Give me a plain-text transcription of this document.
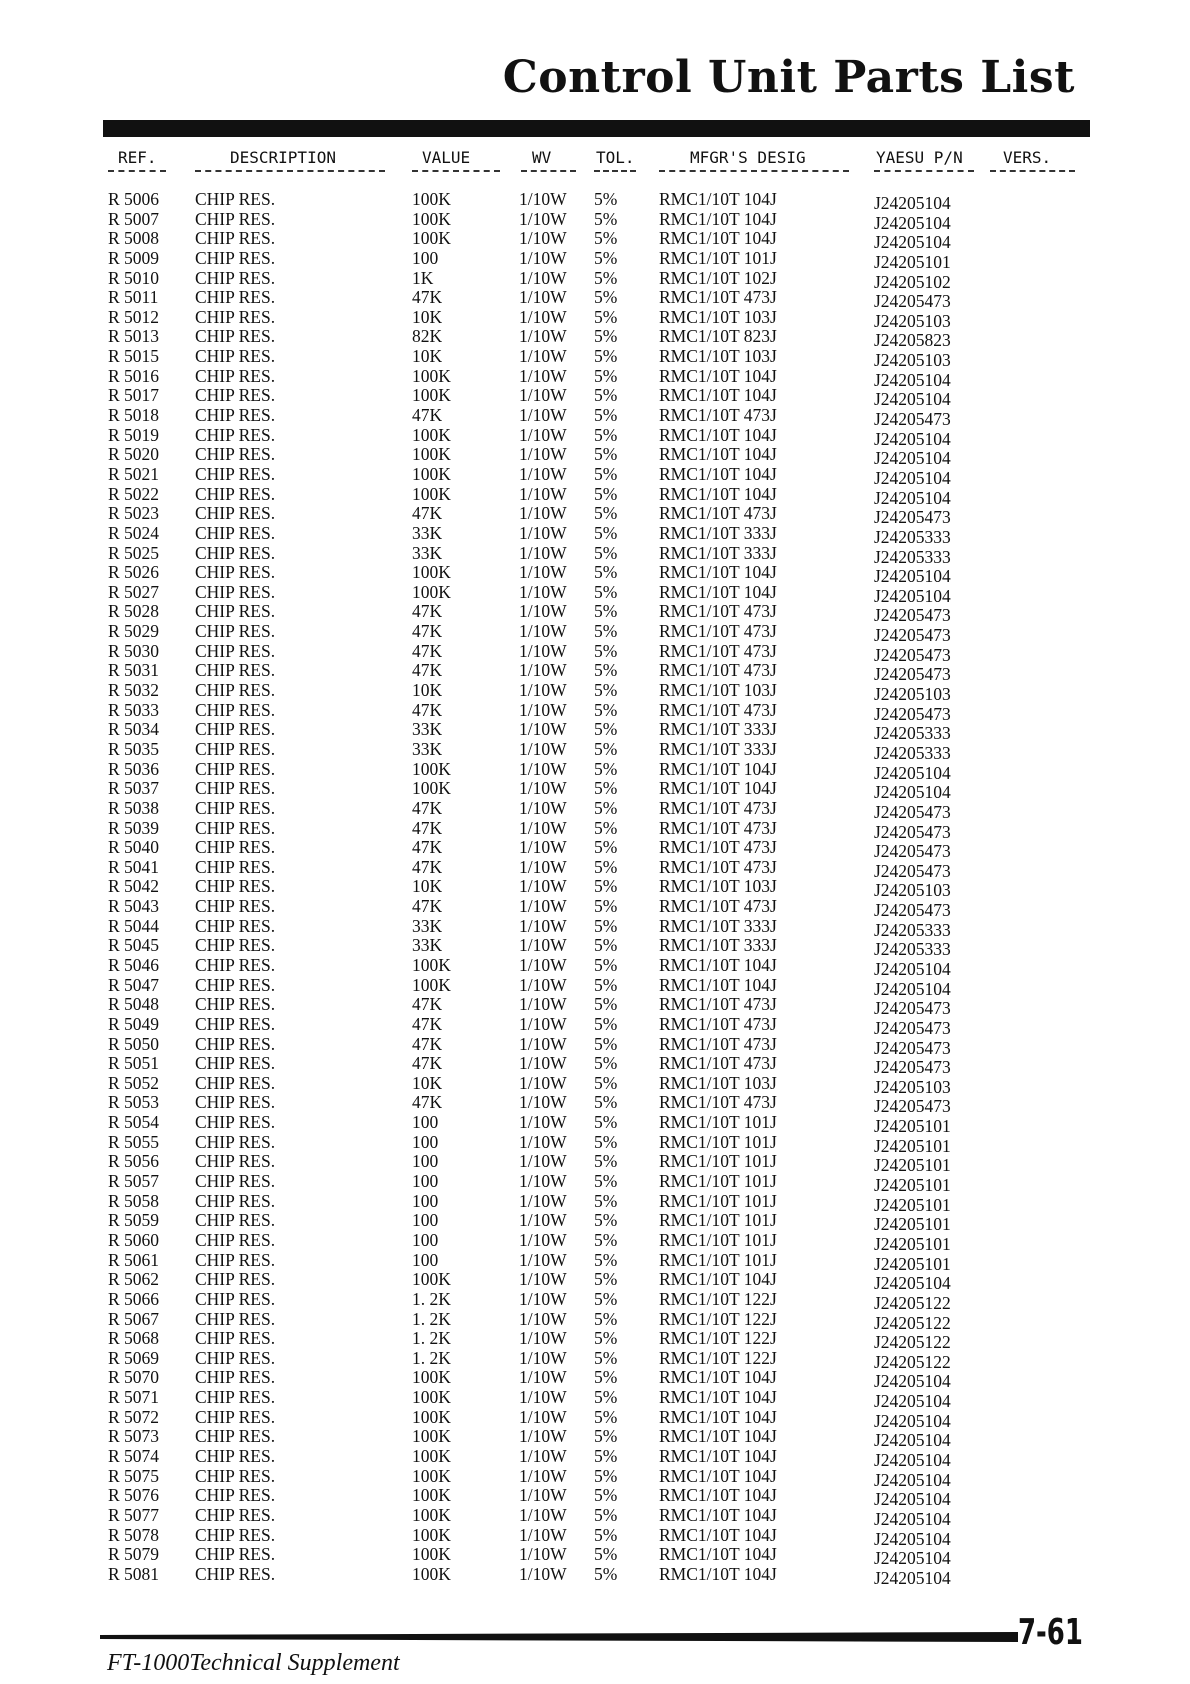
Control Unit Parts List
REF.	DESCRIPTION	VALUE	WV	TOL.	MFGR'S DESIG	YAESU P/N	VERS.
R 5006 CHIP RES.	100K	1/10W 5% RMC1/10T 104J	J24205104
R 5007 CHIP RES.	100K	1/10W 5% RMC1/10T 104J	J24205104
R 5008 CHIP RES.	100K	1/10W 5% RMC1/10T 104J	J24205104
R 5009 CHIP RES.	100	1/10W 5% RMC1/10T 101J	J24205101
R 5010 CHIP RES.	1K	1/10W 5% RMC1/10T 102J	J24205102
R 5011 CHIP RES.	47K	1/10W 5% RMC1/10T 473J	J24205473
R 5012 CHIP RES.	10K	1/10W 5% RMC1/10T 103J	J24205103
R 5013 CHIP RES.	82K	1/10W 5% RMC1/10T 823J	J24205823
R 5015 CHIP RES.	10K	1/10W 5% RMC1/10T 103J	J24205103
R 5016 CHIP RES.	100K	1/10W 5% RMC1/10T 104J	J24205104
R 5017 CHIP RES.	100K	1/10W 5% RMC1/10T 104J	J24205104
R 5018 CHIP RES.	47K	1/10W 5% RMC1/10T 473J	J24205473
R 5019 CHIP RES.	100K	1/10W 5% RMC1/10T 104J	J24205104
R 5020 CHIP RES.	100K	1/10W 5% RMC1/10T 104J	J24205104
R 5021 CHIP RES.	100K	1/10W 5% RMC1/10T 104J	J24205104
R 5022 CHIP RES.	100K	1/10W 5% RMC1/10T 104J	J24205104
R 5023 CHIP RES.	47K	1/10W 5% RMC1/10T 473J	J24205473
R 5024 CHIP RES.	33K	1/10W 5% RMC1/10T 333J	J24205333
R 5025 CHIP RES.	33K	1/10W 5% RMC1/10T 333J	J24205333
R 5026 CHIP RES.	100K	1/10W 5% RMC1/10T 104J	J24205104
R 5027 CHIP RES.	100K	1/10W 5% RMC1/10T 104J	J24205104
R 5028 CHIP RES.	47K	1/10W 5% RMC1/10T 473J	J24205473
R 5029 CHIP RES.	47K	1/10W 5% RMC1/10T 473J	J24205473
R 5030 CHIP RES.	47K	1/10W 5% RMC1/10T 473J	J24205473
R 5031 CHIP RES.	47K	1/10W 5% RMC1/10T 473J	J24205473
R 5032 CHIP RES.	10K	1/10W 5% RMC1/10T 103J	J24205103
R 5033 CHIP RES.	47K	1/10W 5% RMC1/10T 473J	J24205473
R 5034 CHIP RES.	33K	1/10W 5% RMC1/10T 333J	J24205333
R 5035 CHIP RES.	33K	1/10W 5% RMC1/10T 333J	J24205333
R 5036 CHIP RES.	100K	1/10W 5% RMC1/10T 104J	J24205104
R 5037 CHIP RES.	100K	1/10W 5% RMC1/10T 104J	J24205104
R 5038 CHIP RES.	47K	1/10W 5% RMC1/10T 473J	J24205473
R 5039 CHIP RES.	47K	1/10W 5% RMC1/10T 473J	J24205473
R 5040 CHIP RES.	47K	1/10W 5% RMC1/10T 473J	J24205473
R 5041 CHIP RES.	47K	1/10W 5% RMC1/10T 473J	J24205473
R 5042 CHIP RES.	10K	1/10W 5% RMC1/10T 103J	J24205103
R 5043 CHIP RES.	47K	1/10W 5% RMC1/10T 473J	J24205473
R 5044 CHIP RES.	33K	1/10W 5% RMC1/10T 333J	J24205333
R 5045 CHIP RES.	33K	1/10W 5% RMC1/10T 333J	J24205333
R 5046 CHIP RES.	100K	1/10W 5% RMC1/10T 104J	J24205104
R 5047 CHIP RES.	100K	1/10W 5% RMC1/10T 104J	J24205104
R 5048 CHIP RES.	47K	1/10W 5% RMC1/10T 473J	J24205473
R 5049 CHIP RES.	47K	1/10W 5% RMC1/10T 473J	J24205473
R 5050 CHIP RES.	47K	1/10W 5% RMC1/10T 473J	J24205473
R 5051 CHIP RES.	47K	1/10W 5% RMC1/10T 473J	J24205473
R 5052 CHIP RES.	10K	1/10W 5% RMC1/10T 103J	J24205103
R 5053 CHIP RES.	47K	1/10W 5% RMC1/10T 473J	J24205473
R 5054 CHIP RES.	100	1/10W 5% RMC1/10T 101J	J24205101
R 5055 CHIP RES.	100	1/10W 5% RMC1/10T 101J	J24205101
R 5056 CHIP RES.	100	1/10W 5% RMC1/10T 101J	J24205101
R 5057 CHIP RES.	100	1/10W 5% RMC1/10T 101J	J24205101
R 5058 CHIP RES.	100	1/10W 5% RMC1/10T 101J	J24205101
R 5059 CHIP RES.	100	1/10W 5% RMC1/10T 101J	J24205101
R 5060 CHIP RES.	100	1/10W 5% RMC1/10T 101J	J24205101
R 5061 CHIP RES.	100	1/10W 5% RMC1/10T 101J	J24205101
R 5062 CHIP RES.	100K	1/10W 5% RMC1/10T 104J	J24205104
R 5066 CHIP RES.	1. 2K	1/10W 5% RMC1/10T 122J	J24205122
R 5067 CHIP RES.	1. 2K	1/10W 5% RMC1/10T 122J	J24205122
R 5068 CHIP RES.	1. 2K	1/10W 5% RMC1/10T 122J	J24205122
R 5069 CHIP RES.	1. 2K	1/10W 5% RMC1/10T 122J	J24205122
R 5070 CHIP RES.	100K	1/10W 5% RMC1/10T 104J	J24205104
R 5071 CHIP RES.	100K	1/10W 5% RMC1/10T 104J	J24205104
R 5072 CHIP RES.	100K	1/10W 5% RMC1/10T 104J	J24205104
R 5073 CHIP RES.	100K	1/10W 5% RMC1/10T 104J	J24205104
R 5074 CHIP RES.	100K	1/10W 5% RMC1/10T 104J	J24205104
R 5075 CHIP RES.	100K	1/10W 5% RMC1/10T 104J	J24205104
R 5076 CHIP RES.	100K	1/10W 5% RMC1/10T 104J	J24205104
R 5077 CHIP RES.	100K	1/10W 5% RMC1/10T 104J	J24205104
R 5078 CHIP RES.	100K	1/10W 5% RMC1/10T 104J	J24205104
R 5079 CHIP RES.	100K	1/10W 5% RMC1/10T 104J	J24205104
R 5081 CHIP RES.	100K	1/10W 5% RMC1/10T 104J	J24205104
7-61
FT-1000Technical Supplement
